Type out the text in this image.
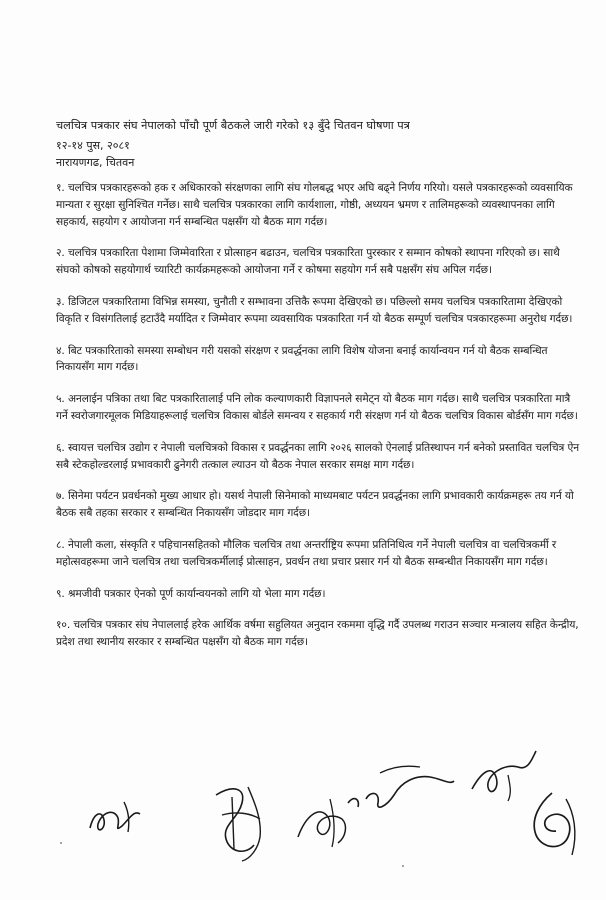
चलचित्र पत्रकार संघ नेपालको पाँचौ पूर्ण बैठकले जारी गरेको १३ बुँदे चितवन घोषणा पत्र
१२-१४ पुस, २०८१
नारायणगढ, चितवन

१. चलचित्र पत्रकारहरूको हक र अधिकारको संरक्षणका लागि संघ गोलबद्ध भएर अघि बढ्ने निर्णय गरियो। यसले पत्रकारहरूको व्यवसायिक मान्यता र सुरक्षा सुनिश्चित गर्नेछ। साथै चलचित्र पत्रकारका लागि कार्यशाला, गोष्ठी, अध्ययन भ्रमण र तालिमहरूको व्यवस्थापनका लागि सहकार्य, सहयोग र आयोजना गर्न सम्बन्धित पक्षसँग यो बैठक माग गर्दछ।

२. चलचित्र पत्रकारिता पेशामा जिम्मेवारिता र प्रोत्साहन बढाउन, चलचित्र पत्रकारिता पुरस्कार र सम्मान कोषको स्थापना गरिएको छ। साथै संघको कोषको सहयोगार्थ च्यारिटी कार्यक्रमहरूको आयोजना गर्ने र कोषमा सहयोग गर्न सबै पक्षसँग संघ अपिल गर्दछ।

३. डिजिटल पत्रकारितामा विभिन्न समस्या, चुनौती र सम्भावना उत्तिकै रूपमा देखिएको छ। पछिल्लो समय चलचित्र पत्रकारितामा देखिएको विकृति र विसंगतिलाई हटाउँदै मर्यादित र जिम्मेवार रूपमा व्यवसायिक पत्रकारिता गर्न यो बैठक सम्पूर्ण चलचित्र पत्रकारहरूमा अनुरोध गर्दछ।

४. बिट पत्रकारिताको समस्या सम्बोधन गरी यसको संरक्षण र प्रवर्द्धनका लागि विशेष योजना बनाई कार्यान्वयन गर्न यो बैठक सम्बन्धित निकायसँग माग गर्दछ।

५. अनलाईन पत्रिका तथा बिट पत्रकारितालाई पनि लोक कल्याणकारी विज्ञापनले समेट्न यो बैठक माग गर्दछ। साथै चलचित्र पत्रकारिता मात्रै गर्ने स्वरोजगारमूलक मिडियाहरूलाई चलचित्र विकास बोर्डले समन्वय र सहकार्य गरी संरक्षण गर्न यो बैठक चलचित्र विकास बोर्डसँग माग गर्दछ।

६. स्वायत्त चलचित्र उद्योग र नेपाली चलचित्रको विकास र प्रवर्द्धनका लागि २०२६ सालको ऐनलाई प्रतिस्थापन गर्न बनेको प्रस्तावित चलचित्र ऐन सबै स्टेकहोल्डरलाई प्रभावकारी ढुनेगरी तत्काल ल्याउन यो बैठक नेपाल सरकार समक्ष माग गर्दछ।

७. सिनेमा पर्यटन प्रवर्धनको मुख्य आधार हो। यसर्थ नेपाली सिनेमाको माध्यमबाट पर्यटन प्रवर्द्धनका लागि प्रभावकारी कार्यक्रमहरू तय गर्न यो बैठक सबै तहका सरकार र सम्बन्धित निकायसँग जोडदार माग गर्दछ।

८. नेपाली कला, संस्कृति र पहिचानसहितको मौलिक चलचित्र तथा अन्तर्राष्ट्रिय रूपमा प्रतिनिधित्व गर्ने नेपाली चलचित्र वा चलचित्रकर्मी र महोत्सवहरूमा जाने चलचित्र तथा चलचित्रकर्मीलाई प्रोत्साहन, प्रवर्धन तथा प्रचार प्रसार गर्न यो बैठक सम्बन्धीत निकायसँग माग गर्दछ।

९. श्रमजीवी पत्रकार ऐनको पूर्ण कार्यान्वयनको लागि यो भेला माग गर्दछ।

१०. चलचित्र पत्रकार संघ नेपाललाई हरेक आर्थिक वर्षमा सहुलियत अनुदान रकममा वृद्धि गर्दै उपलब्ध गराउन सञ्चार मन्त्रालय सहित केन्द्रीय, प्रदेश तथा स्थानीय सरकार र सम्बन्धित पक्षसँग यो बैठक माग गर्दछ।
